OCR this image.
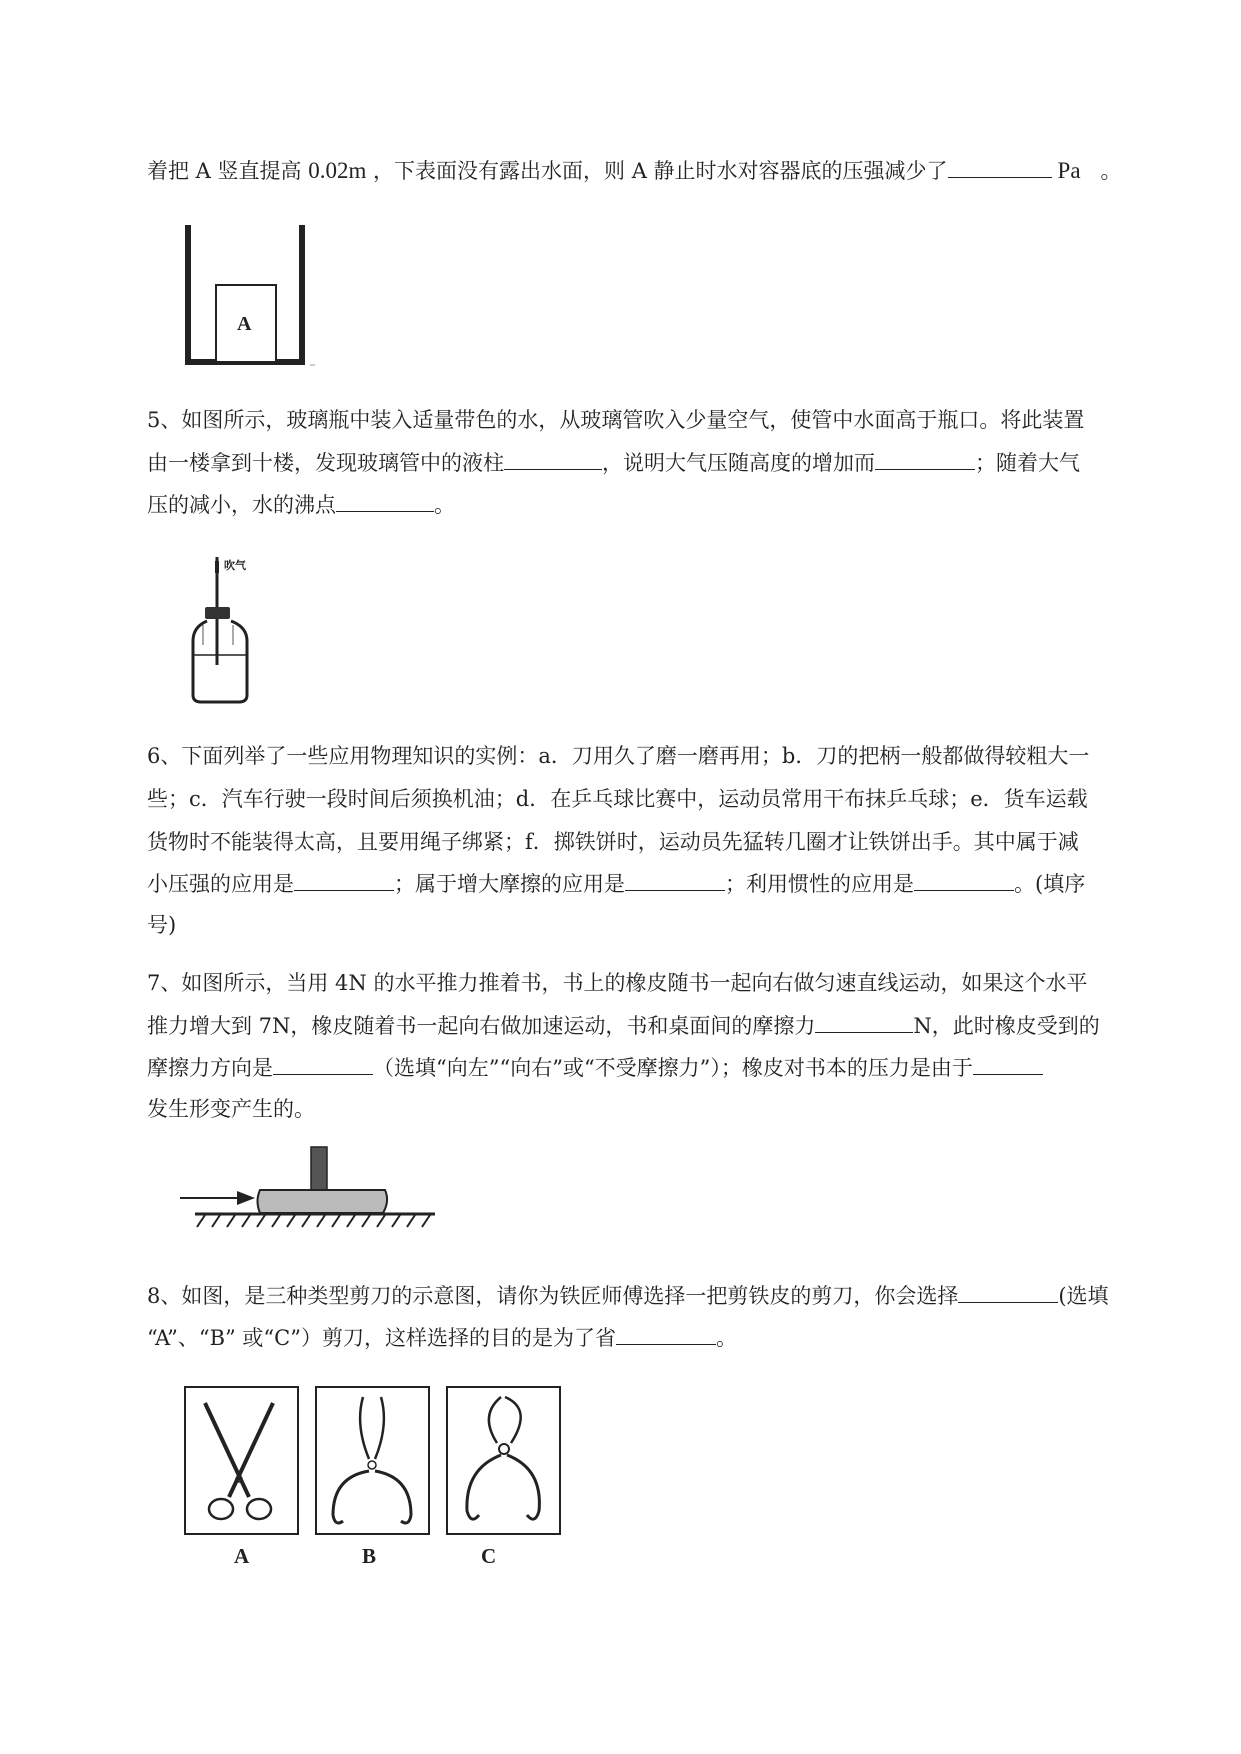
着把 A 竖直提高 0.02m ，下表面没有露出水面，则 A 静止时水对容器底的压强减少了	Pa 。
A
5、如图所示，玻璃瓶中装入适量带色的水，从玻璃管吹入少量空气，使管中水面高于瓶口。将此装置
由一楼拿到十楼，发现玻璃管中的液柱	，说明大气压随高度的增加而	；随着大气
压的减小，水的沸点	。
吹气
6、下面列举了一些应用物理知识的实例：a．刀用久了磨一磨再用；b．刀的把柄一般都做得较粗大一
些；c．汽车行驶一段时间后须换机油；d．在乒乓球比赛中，运动员常用干布抹乒乓球；e．货车运载
货物时不能装得太高，且要用绳子绑紧；f．掷铁饼时，运动员先猛转几圈才让铁饼出手。其中属于减
小压强的应用是	；属于增大摩擦的应用是	；利用惯性的应用是	。(填序
号)
7、如图所示，当用 4N 的水平推力推着书，书上的橡皮随书一起向右做匀速直线运动，如果这个水平
推力增大到 7N，橡皮随着书一起向右做加速运动，书和桌面间的摩擦力	N，此时橡皮受到的
摩擦力方向是	（选填“向左”“向右”或“不受摩擦力”）；橡皮对书本的压力是由于
发生形变产生的。
8、如图，是三种类型剪刀的示意图，请你为铁匠师傅选择一把剪铁皮的剪刀，你会选择	(选填
“A”、“B” 或“C”）剪刀，这样选择的目的是为了省	。
A	B	C
